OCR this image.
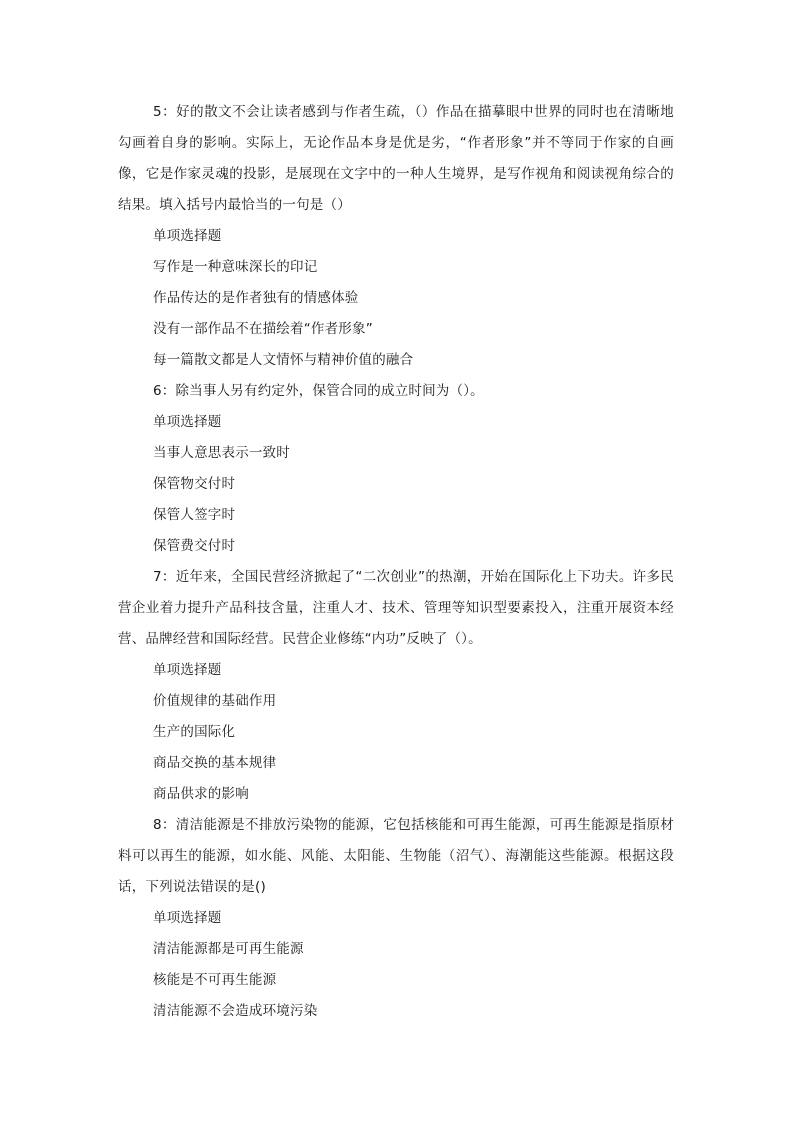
5：好的散文不会让读者感到与作者生疏，（）作品在描摹眼中世界的同时也在清晰地勾画着自身的影响。实际上，无论作品本身是优是劣，“作者形象”并不等同于作家的自画像，它是作家灵魂的投影，是展现在文字中的一种人生境界，是写作视角和阅读视角综合的结果。填入括号内最恰当的一句是（）

单项选择题

写作是一种意味深长的印记

作品传达的是作者独有的情感体验

没有一部作品不在描绘着“作者形象”

每一篇散文都是人文情怀与精神价值的融合

6：除当事人另有约定外，保管合同的成立时间为（）。

单项选择题

当事人意思表示一致时

保管物交付时

保管人签字时

保管费交付时

7：近年来，全国民营经济掀起了“二次创业”的热潮，开始在国际化上下功夫。许多民营企业着力提升产品科技含量，注重人才、技术、管理等知识型要素投入，注重开展资本经营、品牌经营和国际经营。民营企业修练“内功”反映了（）。

单项选择题

价值规律的基础作用

生产的国际化

商品交换的基本规律

商品供求的影响

8：清洁能源是不排放污染物的能源，它包括核能和可再生能源，可再生能源是指原材料可以再生的能源，如水能、风能、太阳能、生物能（沼气）、海潮能这些能源。根据这段话，下列说法错误的是()

单项选择题

清洁能源都是可再生能源

核能是不可再生能源

清洁能源不会造成环境污染
